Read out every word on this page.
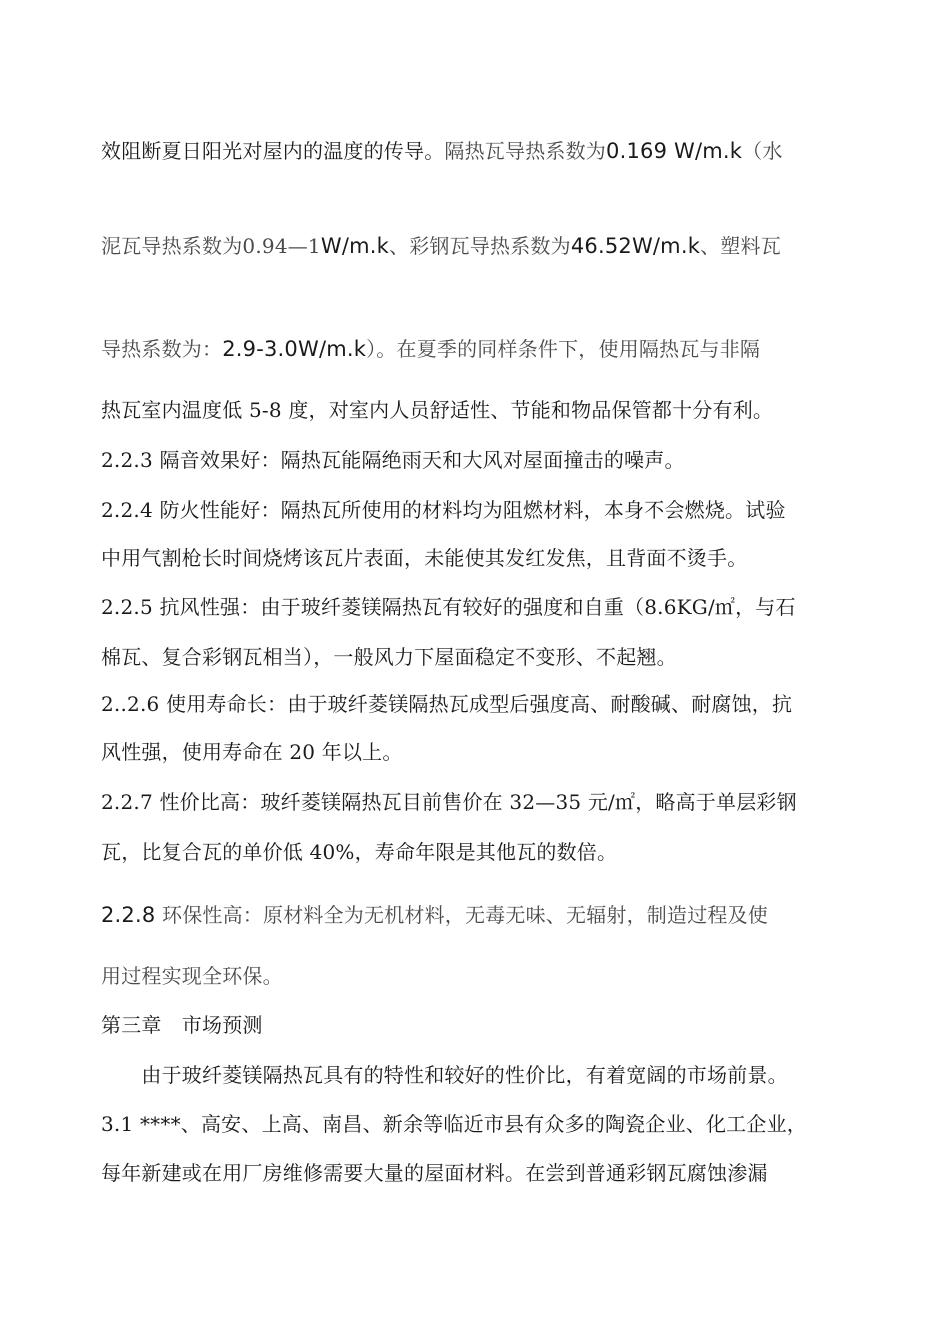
效阻断夏日阳光对屋内的温度的传导。隔热瓦导热系数为0.169 W/m.k（水
泥瓦导热系数为0.94—1W/m.k、彩钢瓦导热系数为46.52W/m.k、塑料瓦
导热系数为：2.9-3.0W/m.k）。在夏季的同样条件下，使用隔热瓦与非隔
热瓦室内温度低 5-8 度，对室内人员舒适性、节能和物品保管都十分有利。
2.2.3 隔音效果好：隔热瓦能隔绝雨天和大风对屋面撞击的噪声。
2.2.4 防火性能好：隔热瓦所使用的材料均为阻燃材料，本身不会燃烧。试验
中用气割枪长时间烧烤该瓦片表面，未能使其发红发焦，且背面不烫手。
2.2.5 抗风性强：由于玻纤菱镁隔热瓦有较好的强度和自重（8.6KG/㎡，与石
棉瓦、复合彩钢瓦相当），一般风力下屋面稳定不变形、不起翘。
2..2.6 使用寿命长：由于玻纤菱镁隔热瓦成型后强度高、耐酸碱、耐腐蚀，抗
风性强，使用寿命在 20 年以上。
2.2.7 性价比高：玻纤菱镁隔热瓦目前售价在 32—35 元/㎡，略高于单层彩钢
瓦，比复合瓦的单价低 40%，寿命年限是其他瓦的数倍。
2.2.8 环保性高：原材料全为无机材料，无毒无味、无辐射，制造过程及使
用过程实现全环保。
第三章　市场预测
　　由于玻纤菱镁隔热瓦具有的特性和较好的性价比，有着宽阔的市场前景。
3.1 ****、高安、上高、南昌、新余等临近市县有众多的陶瓷企业、化工企业，
每年新建或在用厂房维修需要大量的屋面材料。在尝到普通彩钢瓦腐蚀渗漏
